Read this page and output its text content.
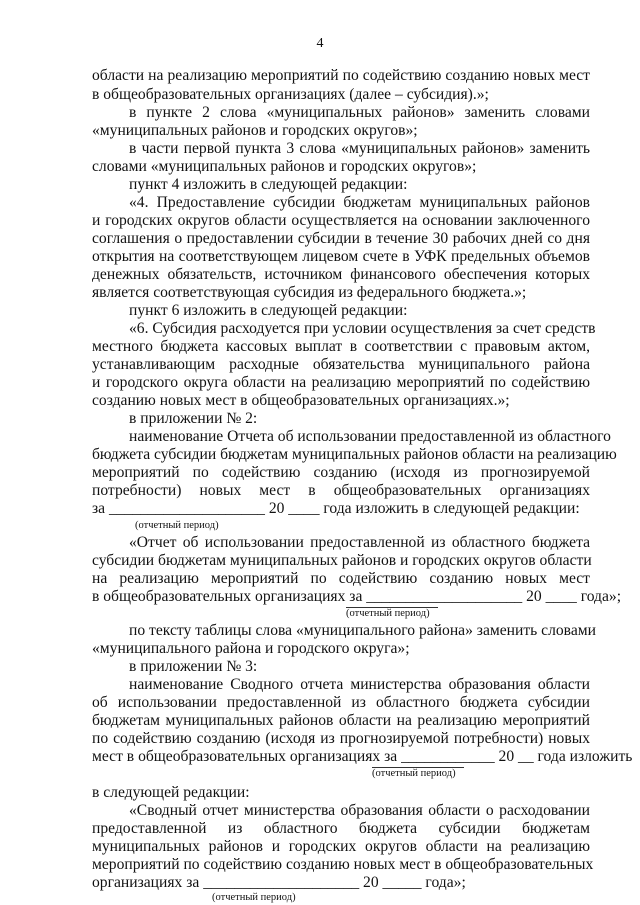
4
области на реализацию мероприятий по содействию созданию новых мест
в общеобразовательных организациях (далее – субсидия).»;
в пункте 2 слова «муниципальных районов» заменить словами
«муниципальных районов и городских округов»;
в части первой пункта 3 слова «муниципальных районов» заменить
словами «муниципальных районов и городских округов»;
пункт 4 изложить в следующей редакции:
«4. Предоставление субсидии бюджетам муниципальных районов
и городских округов области осуществляется на основании заключенного
соглашения о предоставлении субсидии в течение 30 рабочих дней со дня
открытия на соответствующем лицевом счете в УФК предельных объемов
денежных обязательств, источником финансового обеспечения которых
является соответствующая субсидия из федерального бюджета.»;
пункт 6 изложить в следующей редакции:
«6. Субсидия расходуется при условии осуществления за счет средств
местного бюджета кассовых выплат в соответствии с правовым актом,
устанавливающим расходные обязательства муниципального района
и городского округа области на реализацию мероприятий по содействию
созданию новых мест в общеобразовательных организациях.»;
в приложении № 2:
наименование Отчета об использовании предоставленной из областного
бюджета субсидии бюджетам муниципальных районов области на реализацию
мероприятий по содействию созданию (исходя из прогнозируемой
потребности) новых мест в общеобразовательных организациях
за ____________________ 20 ____ года изложить в следующей редакции:
(отчетный период)
«Отчет об использовании предоставленной из областного бюджета
субсидии бюджетам муниципальных районов и городских округов области
на реализацию мероприятий по содействию созданию новых мест
в общеобразовательных организациях за ____________________ 20 ____ года»;
(отчетный период)
по тексту таблицы слова «муниципального района» заменить словами
«муниципального района и городского округа»;
в приложении № 3:
наименование Сводного отчета министерства образования области
об использовании предоставленной из областного бюджета субсидии
бюджетам муниципальных районов области на реализацию мероприятий
по содействию созданию (исходя из прогнозируемой потребности) новых
мест в общеобразовательных организациях за ____________ 20 __ года изложить
(отчетный период)
в следующей редакции:
«Сводный отчет министерства образования области о расходовании
предоставленной из областного бюджета субсидии бюджетам
муниципальных районов и городских округов области на реализацию
мероприятий по содействию созданию новых мест в общеобразовательных
организациях за ____________________ 20 _____ года»;
(отчетный период)
